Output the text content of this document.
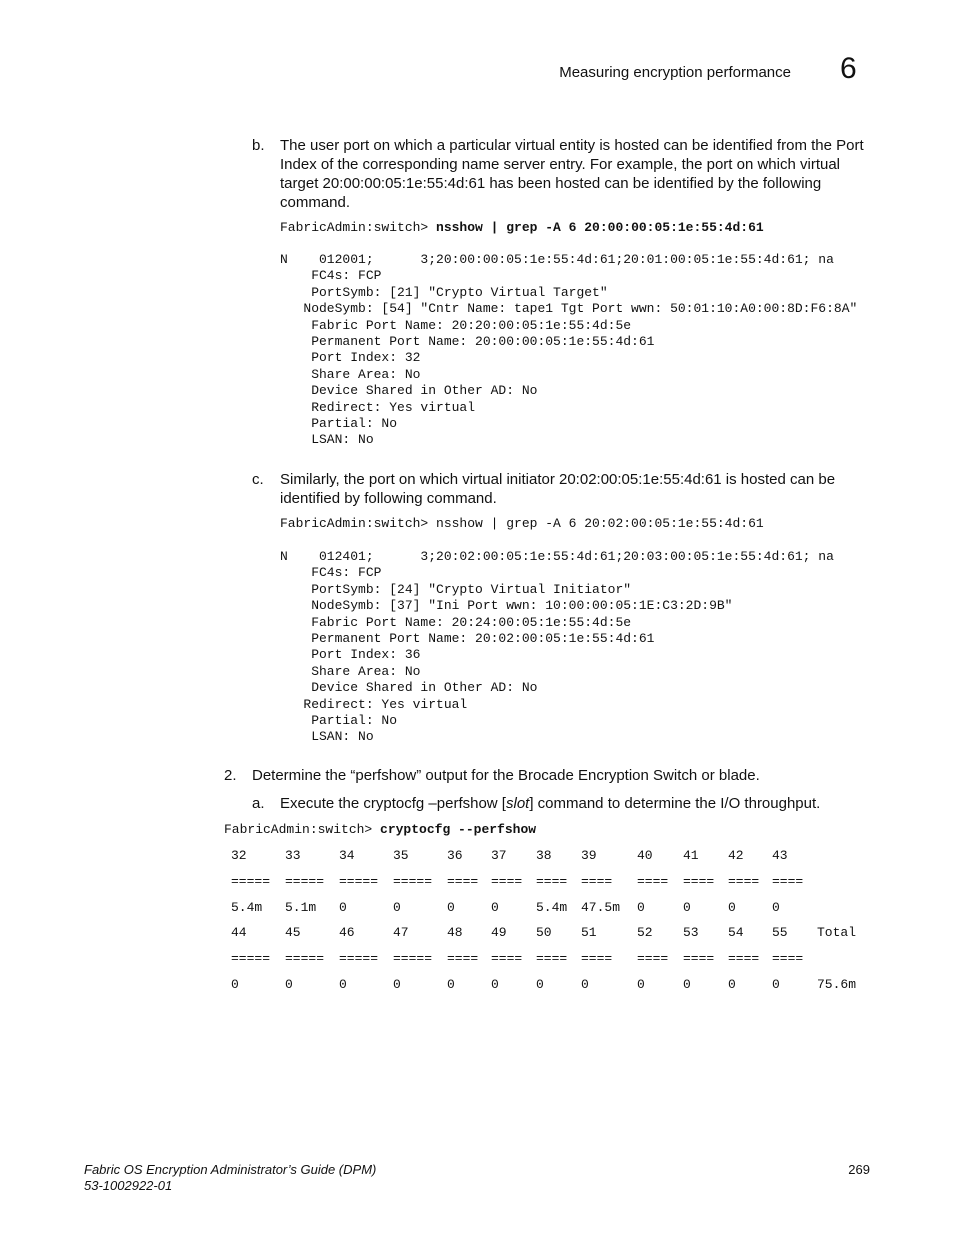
Measuring encryption performance 6
b. The user port on which a particular virtual entity is hosted can be identified from the Port Index of the corresponding name server entry. For example, the port on which virtual target 20:00:00:05:1e:55:4d:61 has been hosted can be identified by the following command.
FabricAdmin:switch> nsshow | grep -A 6 20:00:00:05:1e:55:4d:61
N    012001;      3;20:00:00:05:1e:55:4d:61;20:01:00:05:1e:55:4d:61; na
FC4s: FCP
PortSymb: [21] "Crypto Virtual Target"
NodeSymb: [54] "Cntr Name: tape1 Tgt Port wwn: 50:01:10:A0:00:8D:F6:8A"
Fabric Port Name: 20:20:00:05:1e:55:4d:5e
Permanent Port Name: 20:00:00:05:1e:55:4d:61
Port Index: 32
Share Area: No
Device Shared in Other AD: No
Redirect: Yes virtual
Partial: No
LSAN: No
c. Similarly, the port on which virtual initiator 20:02:00:05:1e:55:4d:61 is hosted can be identified by following command.
FabricAdmin:switch> nsshow | grep -A 6 20:02:00:05:1e:55:4d:61
N    012401;      3;20:02:00:05:1e:55:4d:61;20:03:00:05:1e:55:4d:61; na
FC4s: FCP
PortSymb: [24] "Crypto Virtual Initiator"
NodeSymb: [37] "Ini Port wwn: 10:00:00:05:1E:C3:2D:9B"
Fabric Port Name: 20:24:00:05:1e:55:4d:5e
Permanent Port Name: 20:02:00:05:1e:55:4d:61
Port Index: 36
Share Area: No
Device Shared in Other AD: No
Redirect: Yes virtual
Partial: No
LSAN: No
2. Determine the “perfshow” output for the Brocade Encryption Switch or blade.
a. Execute the cryptocfg –perfshow [slot] command to determine the I/O throughput.
FabricAdmin:switch> cryptocfg --perfshow
32	33	34	35	36 37 38 39	40 41 42 43
===== ===== ===== ===== ==== ==== ==== ==== ==== ==== ==== ====
5.4m 5.1m 0	0	0	0	5.4m 47.5m 0	0	0	0
44	45	46	47	48 49 50 51	52 53 54 55 Total
===== ===== ===== ===== ==== ==== ==== ==== ==== ==== ==== ====
0	0	0	0	0	0	0	0	0	0	0	0	75.6m
Fabric OS Encryption Administrator’s Guide (DPM)
53-1002922-01
269
